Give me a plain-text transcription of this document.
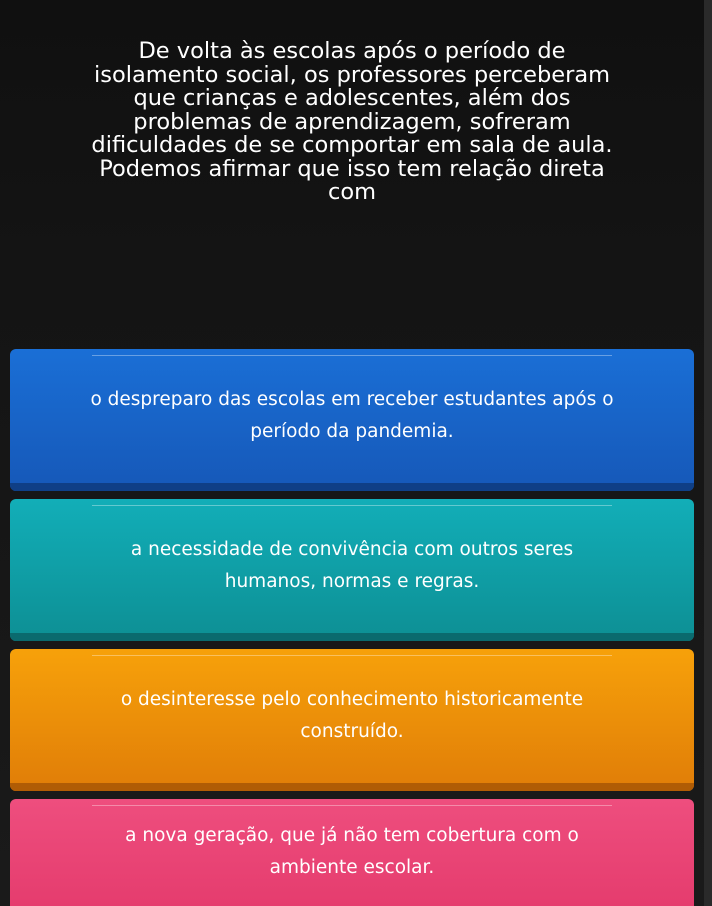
De volta às escolas após o período de
isolamento social, os professores perceberam
que crianças e adolescentes, além dos
problemas de aprendizagem, sofreram
dificuldades de se comportar em sala de aula.
Podemos afirmar que isso tem relação direta
com
o despreparo das escolas em receber estudantes após o
período da pandemia.
a necessidade de convivência com outros seres
humanos, normas e regras.
o desinteresse pelo conhecimento historicamente
construído.
a nova geração, que já não tem cobertura com o
ambiente escolar.
